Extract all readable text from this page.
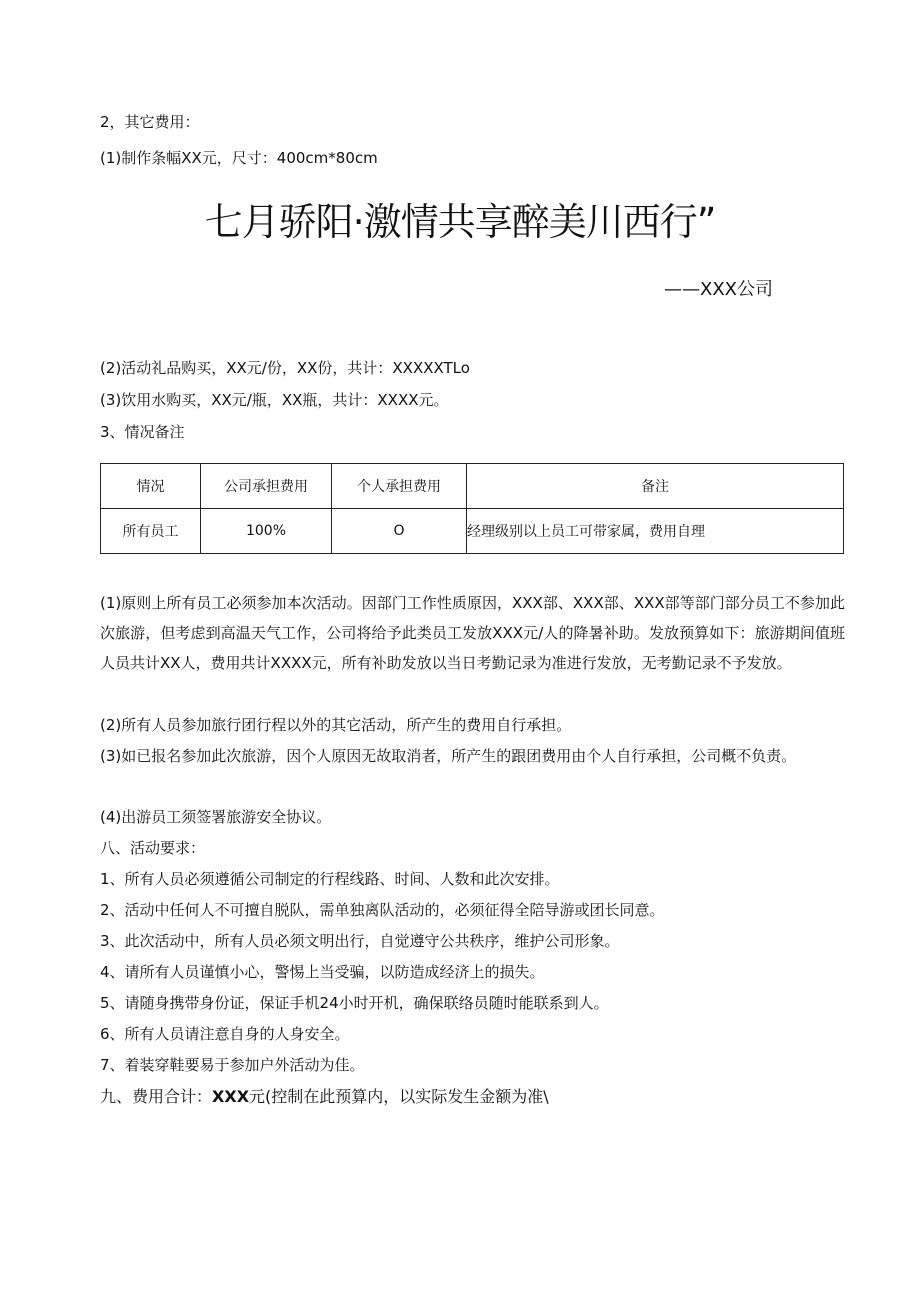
2，其它费用：
(1)制作条幅XX元，尺寸：400cm*80cm
七月骄阳·激情共享醉美川西行”
——XXX公司
(2)活动礼品购买，XX元/份，XX份，共计：XXXXXTLo
(3)饮用水购买，XX元/瓶，XX瓶，共计：XXXX元。
3、情况备注
情况	公司承担费用	个人承担费用	备注
所有员工	100%	O	经理级别以上员工可带家属，费用自理
(1)原则上所有员工必须参加本次活动。因部门工作性质原因，XXX部、XXX部、XXX部等部门部分员工不参加此次旅游，但考虑到高温天气工作，公司将给予此类员工发放XXX元/人的降暑补助。发放预算如下：旅游期间值班人员共计XX人，费用共计XXXX元，所有补助发放以当日考勤记录为准进行发放，无考勤记录不予发放。
(2)所有人员参加旅行团行程以外的其它活动，所产生的费用自行承担。
(3)如已报名参加此次旅游，因个人原因无故取消者，所产生的跟团费用由个人自行承担，公司概不负责。
(4)出游员工须签署旅游安全协议。
八、活动要求：
1、所有人员必须遵循公司制定的行程线路、时间、人数和此次安排。
2、活动中任何人不可擅自脱队，需单独离队活动的，必须征得全陪导游或团长同意。
3、此次活动中，所有人员必须文明出行，自觉遵守公共秩序，维护公司形象。
4、请所有人员谨慎小心，警惕上当受骗，以防造成经济上的损失。
5、请随身携带身份证，保证手机24小时开机，确保联络员随时能联系到人。
6、所有人员请注意自身的人身安全。
7、着装穿鞋要易于参加户外活动为佳。
九、费用合计：XXX元(控制在此预算内，以实际发生金额为准\
